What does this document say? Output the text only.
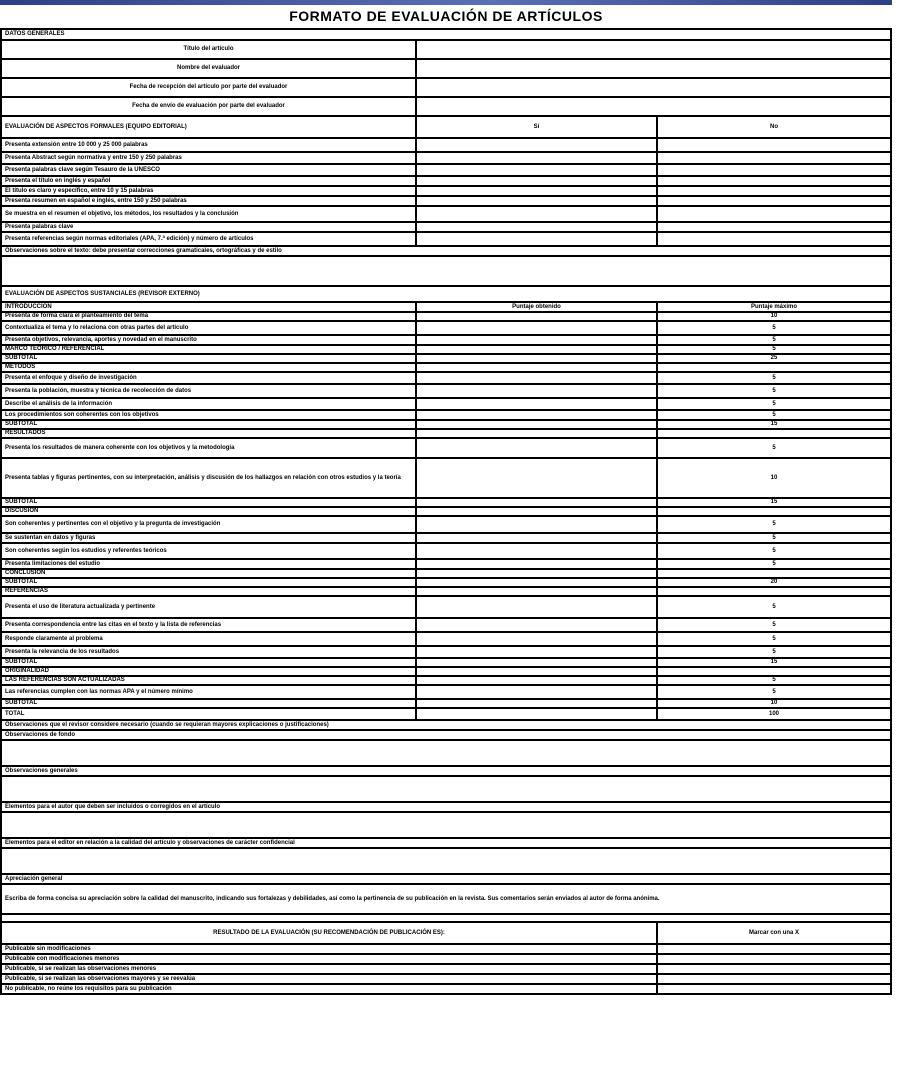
FORMATO DE EVALUACIÓN DE ARTÍCULOS
DATOS GENERALES		
Título del artículo		
Nombre del evaluador		
Fecha de recepción del artículo por parte del evaluador		
Fecha de envío de evaluación por parte del evaluador		
EVALUACIÓN DE ASPECTOS FORMALES (EQUIPO EDITORIAL)	Sí	No
Presenta extensión entre 10 000 y 25 000 palabras		
Presenta Abstract según normativa y entre 150 y 250 palabras		
Presenta palabras clave según Tesauro de la UNESCO		
Presenta el título en inglés y español		
El título es claro y específico, entre 10 y 15 palabras		
Presenta resumen en español e inglés, entre 150 y 250 palabras		
Se muestra en el resumen el objetivo, los métodos, los resultados y la conclusión		
Presenta palabras clave		
Presenta referencias según normas editoriales (APA, 7.ª edición) y número de artículos		
Observaciones sobre el texto: debe presentar correcciones gramaticales, ortográficas y de estilo		

EVALUACIÓN DE ASPECTOS SUSTANCIALES (REVISOR EXTERNO)		
INTRODUCCIÓN	Puntaje obtenido	Puntaje máximo
Presenta de forma clara el planteamiento del tema		10
Contextualiza el tema y lo relaciona con otras partes del artículo		5
Presenta objetivos, relevancia, aportes y novedad en el manuscrito		5
MARCO TEÓRICO / REFERENCIAL		5
SUBTOTAL		25
MÉTODOS		
Presenta el enfoque y diseño de investigación		5
Presenta la población, muestra y técnica de recolección de datos		5
Describe el análisis de la información		5
Los procedimientos son coherentes con los objetivos		5
SUBTOTAL		15
RESULTADOS		
Presenta los resultados de manera coherente con los objetivos y la metodología		5
Presenta tablas y figuras pertinentes, con su interpretación, análisis y discusión de los hallazgos en relación con otros estudios y la teoría		10
SUBTOTAL		15
DISCUSIÓN		
Son coherentes y pertinentes con el objetivo y la pregunta de investigación		5
Se sustentan en datos y figuras		5
Son coherentes según los estudios y referentes teóricos		5
Presenta limitaciones del estudio		5
CONCLUSIÓN		
SUBTOTAL		20
REFERENCIAS		
Presenta el uso de literatura actualizada y pertinente		5
Presenta correspondencia entre las citas en el texto y la lista de referencias		5
Responde claramente al problema		5
Presenta la relevancia de los resultados		5
SUBTOTAL		15
ORIGINALIDAD		
LAS REFERENCIAS SON ACTUALIZADAS		5
Las referencias cumplen con las normas APA y el número mínimo		5
SUBTOTAL		10
TOTAL		100
Observaciones que el revisor considere necesario (cuando se requieran mayores explicaciones o justificaciones)		
Observaciones de fondo		

Observaciones generales		

Elementos para el autor que deben ser incluidos o corregidos en el artículo		

Elementos para el editor en relación a la calidad del artículo y observaciones de carácter confidencial		

Apreciación general		
Escriba de forma concisa su apreciación sobre la calidad del manuscrito, indicando sus fortalezas y debilidades, así como la pertinencia de su publicación en la revista. Sus comentarios serán enviados al autor de forma anónima.		

RESULTADO DE LA EVALUACIÓN (SU RECOMENDACIÓN DE PUBLICACIÓN ES):		Marcar con una X
Publicable sin modificaciones		
Publicable con modificaciones menores		
Publicable, si se realizan las observaciones menores		
Publicable, si se realizan las observaciones mayores y se reevalúa		
No publicable, no reúne los requisitos para su publicación		
